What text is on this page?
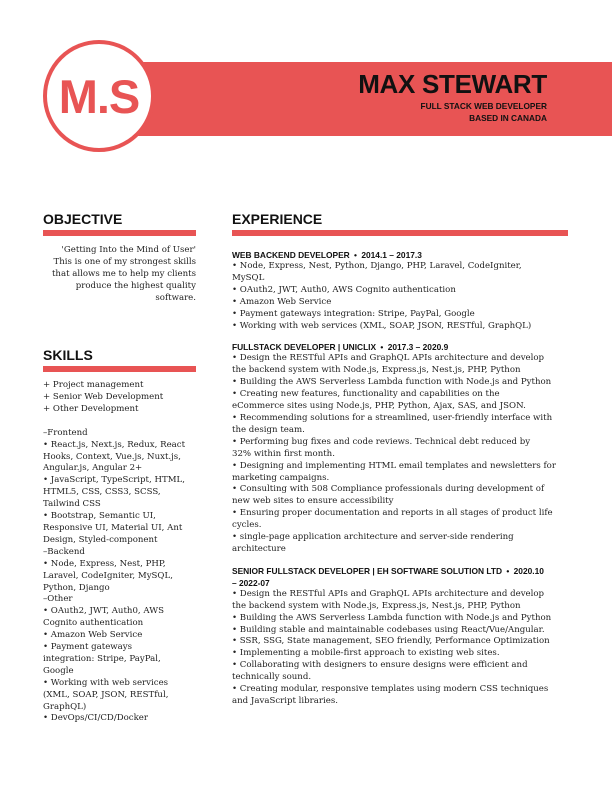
M.S	MAX STEWART
FULL STACK WEB DEVELOPER
BASED IN CANADA
OBJECTIVE
'Getting Into the Mind of User'
This is one of my strongest skills
that allows me to help my clients
produce the highest quality
software.
SKILLS
+ Project management
+ Senior Web Development
+ Other Development
–Frontend
• React.js, Next.js, Redux, React
Hooks, Context, Vue.js, Nuxt.js,
Angular.js, Angular 2+
• JavaScript, TypeScript, HTML,
HTML5, CSS, CSS3, SCSS,
Tailwind CSS
• Bootstrap, Semantic UI,
Responsive UI, Material UI, Ant
Design, Styled-component
–Backend
• Node, Express, Nest, PHP,
Laravel, CodeIgniter, MySQL,
Python, Django
–Other
• OAuth2, JWT, Auth0, AWS
Cognito authentication
• Amazon Web Service
• Payment gateways
integration: Stripe, PayPal,
Google
• Working with web services
(XML, SOAP, JSON, RESTful,
GraphQL)
• DevOps/CI/CD/Docker
EXPERIENCE
WEB BACKEND DEVELOPER • 2014.1 – 2017.3
• Node, Express, Nest, Python, Django, PHP, Laravel, CodeIgniter,
MySQL
• OAuth2, JWT, Auth0, AWS Cognito authentication
• Amazon Web Service
• Payment gateways integration: Stripe, PayPal, Google
• Working with web services (XML, SOAP, JSON, RESTful, GraphQL)
FULLSTACK DEVELOPER | UNICLIX • 2017.3 – 2020.9
• Design the RESTful APIs and GraphQL APIs architecture and develop
the backend system with Node.js, Express.js, Nest.js, PHP, Python
• Building the AWS Serverless Lambda function with Node.js and Python
• Creating new features, functionality and capabilities on the
eCommerce sites using Node.js, PHP, Python, Ajax, SAS, and JSON.
• Recommending solutions for a streamlined, user-friendly interface with
the design team.
• Performing bug fixes and code reviews. Technical debt reduced by
32% within first month.
• Designing and implementing HTML email templates and newsletters for
marketing campaigns.
• Consulting with 508 Compliance professionals during development of
new web sites to ensure accessibility
• Ensuring proper documentation and reports in all stages of product life
cycles.
• single-page application architecture and server-side rendering
architecture
SENIOR FULLSTACK DEVELOPER | EH SOFTWARE SOLUTION LTD • 2020.10
– 2022-07
• Design the RESTful APIs and GraphQL APIs architecture and develop
the backend system with Node.js, Express.js, Nest.js, PHP, Python
• Building the AWS Serverless Lambda function with Node.js and Python
• Building stable and maintainable codebases using React/Vue/Angular.
• SSR, SSG, State management, SEO friendly, Performance Optimization
• Implementing a mobile-first approach to existing web sites.
• Collaborating with designers to ensure designs were efficient and
technically sound.
• Creating modular, responsive templates using modern CSS techniques
and JavaScript libraries.
